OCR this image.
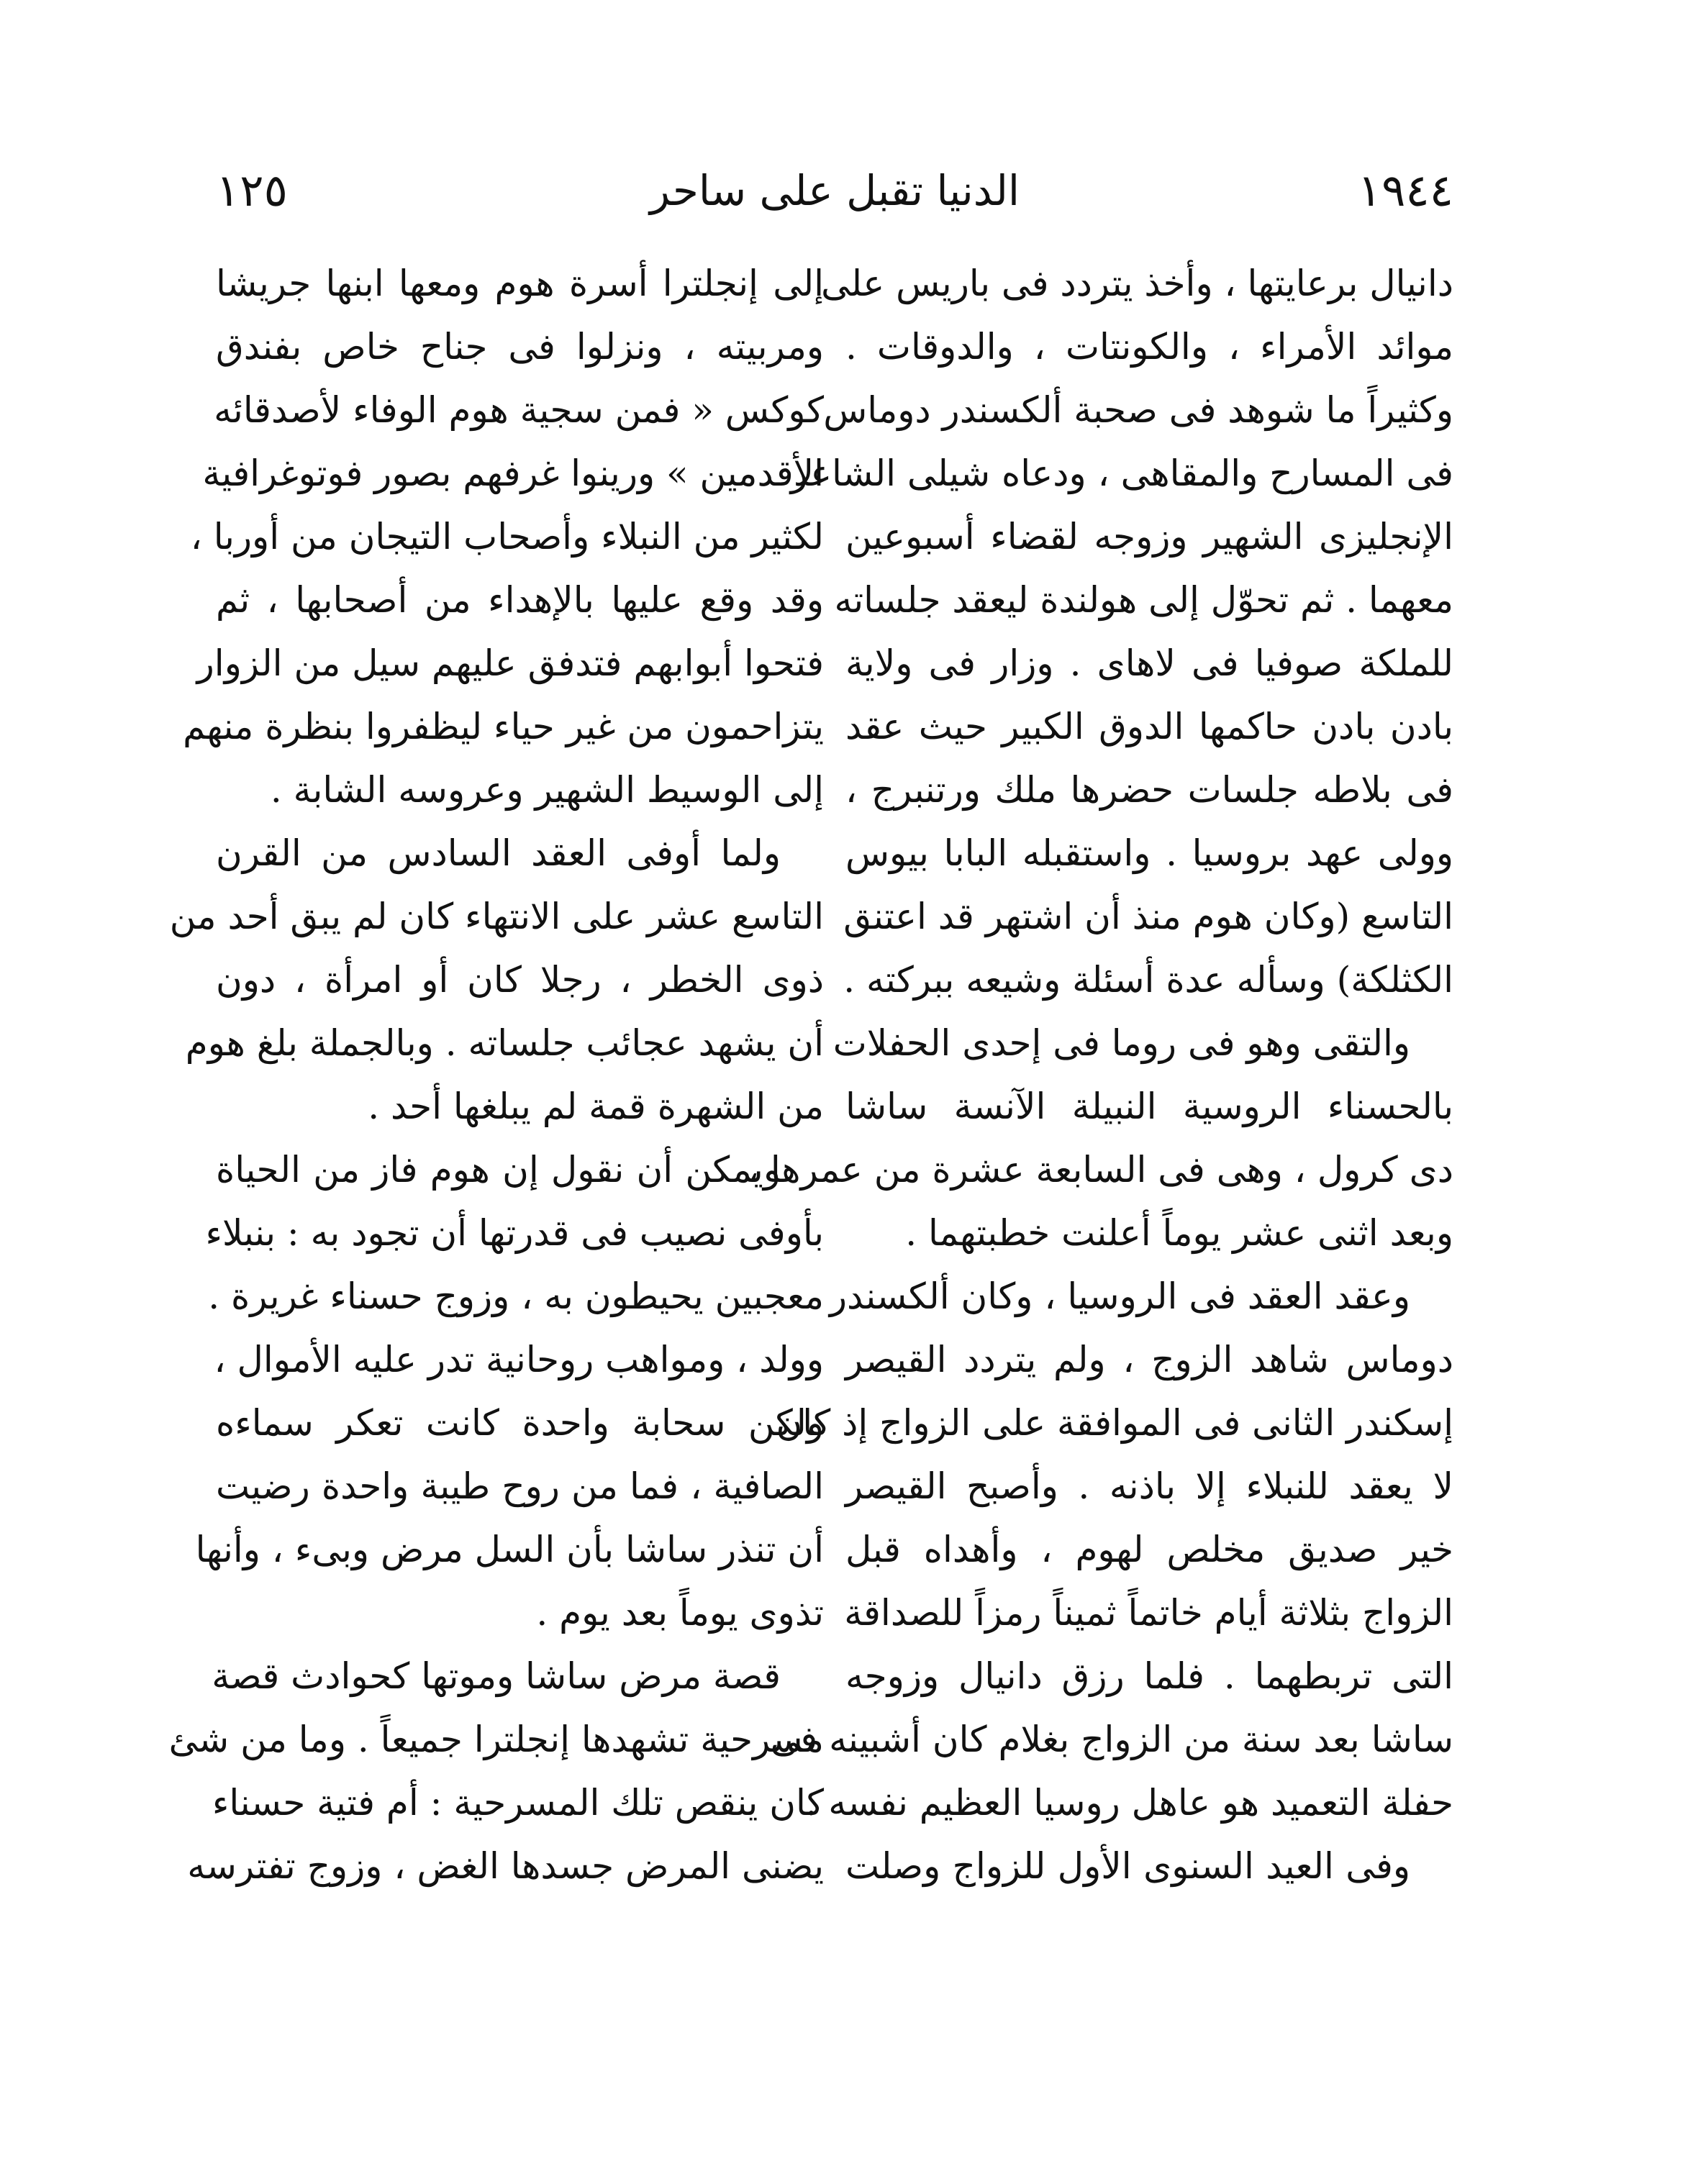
١٩٤٤
الدنيا تقبل على ساحر
١٢٥
دانيال برعايتها ، وأخذ يتردد فى باريس على
موائد الأمراء ، والكونتات ، والدوقات .
وكثيراً ما شوهد فى صحبة ألكسندر دوماس
فى المسارح والمقاهى ، ودعاه شيلى الشاعر
الإنجليزى الشهير وزوجه لقضاء أسبوعين
معهما . ثم تحوّل إلى هولندة ليعقد جلساته
للملكة صوفيا فى لاهاى . وزار فى ولاية
بادن بادن حاكمها الدوق الكبير حيث عقد
فى بلاطه جلسات حضرها ملك ورتنبرج ،
وولى عهد بروسيا . واستقبله البابا بيوس
التاسع (وكان هوم منذ أن اشتهر قد اعتنق
الكثلكة) وسأله عدة أسئلة وشيعه ببركته .
والتقى وهو فى روما فى إحدى الحفلات
بالحسناء الروسية النبيلة الآنسة ساشا
دى كرول ، وهى فى السابعة عشرة من عمرها ،
وبعد اثنى عشر يوماً أعلنت خطبتهما .
وعقد العقد فى الروسيا ، وكان ألكسندر
دوماس شاهد الزوج ، ولم يتردد القيصر
إسكندر الثانى فى الموافقة على الزواج إذ كان
لا يعقد للنبلاء إلا باذنه . وأصبح القيصر
خير صديق مخلص لهوم ، وأهداه قبل
الزواج بثلاثة أيام خاتماً ثميناً رمزاً للصداقة
التى تربطهما . فلما رزق دانيال وزوجه
ساشا بعد سنة من الزواج بغلام كان أشبينه فى
حفلة التعميد هو عاهل روسيا العظيم نفسه .
وفى العيد السنوى الأول للزواج وصلت
إلى إنجلترا أسرة هوم ومعها ابنها جريشا
ومربيته ، ونزلوا فى جناح خاص بفندق
كوكس « فمن سجية هوم الوفاء لأصدقائه
الأقدمين » ورينوا غرفهم بصور فوتوغرافية
لكثير من النبلاء وأصحاب التيجان من أوربا ،
وقد وقع عليها بالإهداء من أصحابها ، ثم
فتحوا أبوابهم فتدفق عليهم سيل من الزوار
يتزاحمون من غير حياء ليظفروا بنظرة منهم
إلى الوسيط الشهير وعروسه الشابة .
ولما أوفى العقد السادس من القرن
التاسع عشر على الانتهاء كان لم يبق أحد من
ذوى الخطر ، رجلا كان أو امرأة ، دون
أن يشهد عجائب جلساته . وبالجملة بلغ هوم
من الشهرة قمة لم يبلغها أحد .
ويمكن أن نقول إن هوم فاز من الحياة
بأوفى نصيب فى قدرتها أن تجود به : بنبلاء
معجبين يحيطون به ، وزوج حسناء غريرة .
وولد ، ومواهب روحانية تدر عليه الأموال ،
ولكن سحابة واحدة كانت تعكر سماءه
الصافية ، فما من روح طيبة واحدة رضيت
أن تنذر ساشا بأن السل مرض وبىء ، وأنها
تذوى يوماً بعد يوم .
قصة مرض ساشا وموتها كحوادث قصة
مسرحية تشهدها إنجلترا جميعاً . وما من شئ
كان ينقص تلك المسرحية : أم فتية حسناء
يضنى المرض جسدها الغض ، وزوج تفترسه
